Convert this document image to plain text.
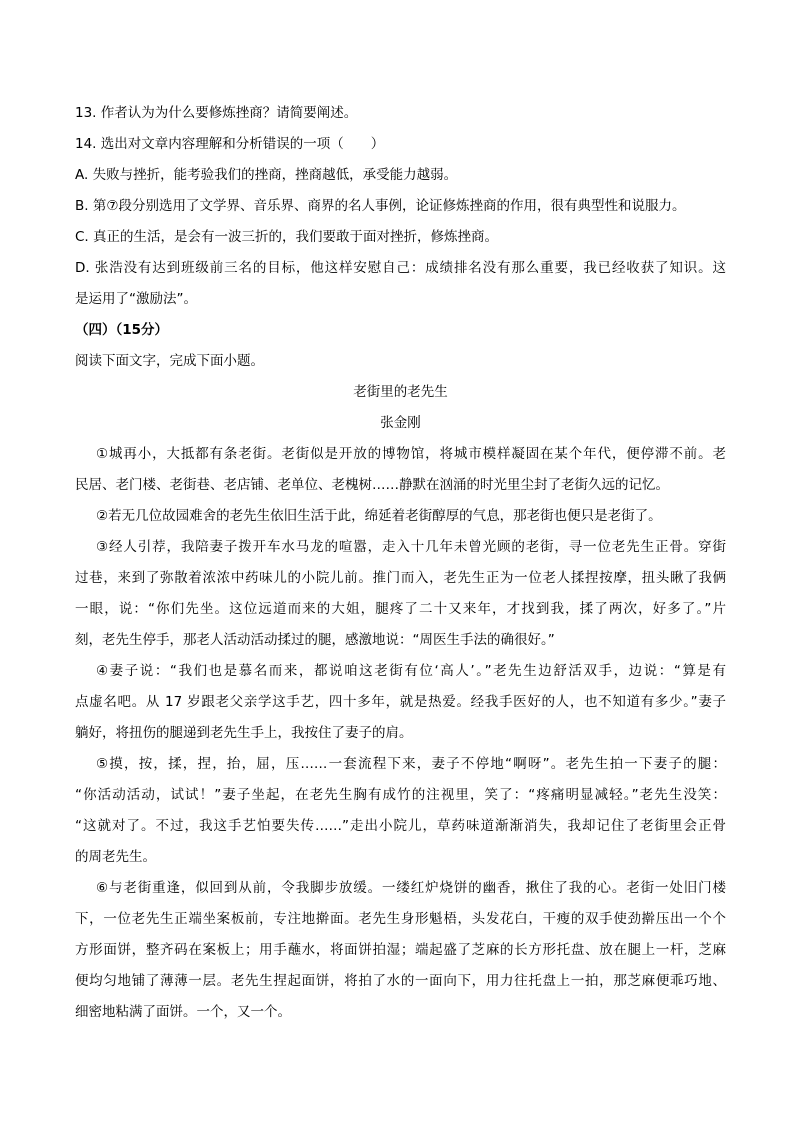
13. 作者认为为什么要修炼挫商？请简要阐述。
14. 选出对文章内容理解和分析错误的一项（　　）
A. 失败与挫折，能考验我们的挫商，挫商越低，承受能力越弱。
B. 第⑦段分别选用了文学界、音乐界、商界的名人事例，论证修炼挫商的作用，很有典型性和说服力。
C. 真正的生活，是会有一波三折的，我们要敢于面对挫折，修炼挫商。
D. 张浩没有达到班级前三名的目标，他这样安慰自己：成绩排名没有那么重要，我已经收获了知识。这
是运用了“激励法”。
（四）（15分）
阅读下面文字，完成下面小题。
老街里的老先生
张金刚
①城再小，大抵都有条老街。老街似是开放的博物馆，将城市模样凝固在某个年代，便停滞不前。老
民居、老门楼、老街巷、老店铺、老单位、老槐树……静默在汹涌的时光里尘封了老街久远的记忆。
②若无几位故园难舍的老先生依旧生活于此，绵延着老街醇厚的气息，那老街也便只是老街了。
③经人引荐，我陪妻子拨开车水马龙的喧嚣，走入十几年未曾光顾的老街，寻一位老先生正骨。穿街
过巷，来到了弥散着浓浓中药味儿的小院儿前。推门而入，老先生正为一位老人揉捏按摩，扭头瞅了我俩
一眼，说：“你们先坐。这位远道而来的大姐，腿疼了二十又来年，才找到我，揉了两次，好多了。”片
刻，老先生停手，那老人活动活动揉过的腿，感激地说：“周医生手法的确很好。”
④妻子说：“我们也是慕名而来，都说咱这老街有位‘高人’。”老先生边舒活双手，边说：“算是有
点虚名吧。从 17 岁跟老父亲学这手艺，四十多年，就是热爱。经我手医好的人，也不知道有多少。”妻子
躺好，将扭伤的腿递到老先生手上，我按住了妻子的肩。
⑤摸，按，揉，捏，抬，屈，压……一套流程下来，妻子不停地“啊呀”。老先生拍一下妻子的腿：
“你活动活动，试试！”妻子坐起，在老先生胸有成竹的注视里，笑了：“疼痛明显减轻。”老先生没笑：
“这就对了。不过，我这手艺怕要失传……”走出小院儿，草药味道渐渐消失，我却记住了老街里会正骨
的周老先生。
⑥与老街重逢，似回到从前，令我脚步放缓。一缕红炉烧饼的幽香，揪住了我的心。老街一处旧门楼
下，一位老先生正端坐案板前，专注地擀面。老先生身形魁梧，头发花白，干瘦的双手使劲擀压出一个个
方形面饼，整齐码在案板上；用手蘸水，将面饼拍湿；端起盛了芝麻的长方形托盘、放在腿上一杆，芝麻
便均匀地铺了薄薄一层。老先生捏起面饼，将拍了水的一面向下，用力往托盘上一拍，那芝麻便乖巧地、
细密地粘满了面饼。一个，又一个。
